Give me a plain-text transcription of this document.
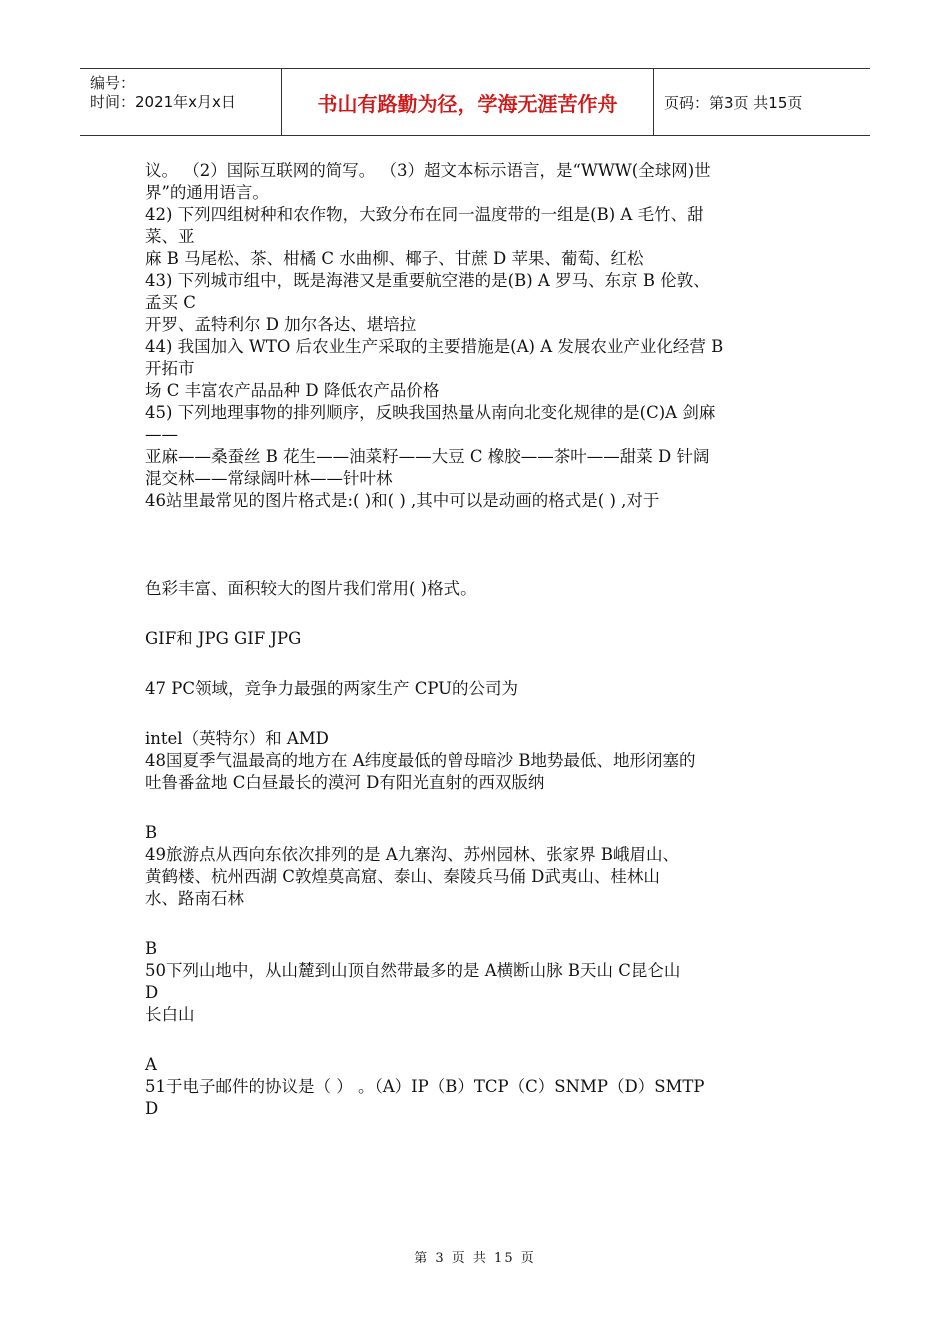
编号：
时间：2021年x月x日	书山有路勤为径，学海无涯苦作舟	页码：第3页 共15页
议。 （2）国际互联网的简写。 （3）超文本标示语言，是“WWW(全球网)世
界”的通用语言。
42) 下列四组树种和农作物，大致分布在同一温度带的一组是(B) A 毛竹、甜
菜、亚
麻 B 马尾松、茶、柑橘 C 水曲柳、椰子、甘蔗 D 苹果、葡萄、红松
43) 下列城市组中，既是海港又是重要航空港的是(B) A 罗马、东京 B 伦敦、
孟买 C
开罗、孟特利尔 D 加尔各达、堪培拉
44) 我国加入 WTO 后农业生产采取的主要措施是(A) A 发展农业产业化经营 B
开拓市
场 C 丰富农产品品种 D 降低农产品价格
45) 下列地理事物的排列顺序，反映我国热量从南向北变化规律的是(C)A 剑麻
——
亚麻——桑蚕丝 B 花生——油菜籽——大豆 C 橡胶——茶叶——甜菜 D 针阔
混交林——常绿阔叶林——针叶林
46站里最常见的图片格式是:( )和( ) ,其中可以是动画的格式是( ) ,对于
色彩丰富、面积较大的图片我们常用( )格式。
GIF和 JPG GIF JPG
47 PC领域，竞争力最强的两家生产 CPU的公司为
intel（英特尔）和 AMD
48国夏季气温最高的地方在 A纬度最低的曾母暗沙 B地势最低、地形闭塞的
吐鲁番盆地 C白昼最长的漠河 D有阳光直射的西双版纳
B
49旅游点从西向东依次排列的是 A九寨沟、苏州园林、张家界 B峨眉山、
黄鹤楼、杭州西湖 C敦煌莫高窟、泰山、秦陵兵马俑 D武夷山、桂林山
水、路南石林
B
50下列山地中，从山麓到山顶自然带最多的是 A横断山脉 B天山 C昆仑山
D
长白山
A
51于电子邮件的协议是（ ） 。（A）IP（B）TCP（C）SNMP（D）SMTP
D
第 3 页 共 15 页
